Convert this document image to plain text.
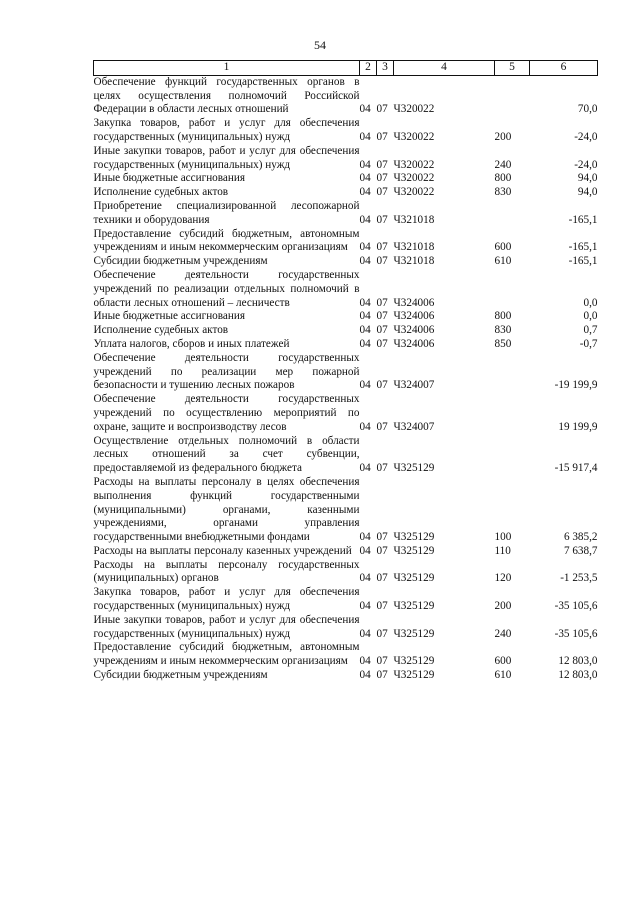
54
1	2	3	4	5	6
Обеспечение функций государственных органов в целях осуществления полномочий Российской Федерации в области лесных отношений	04	07	Ч320022		70,0
Закупка товаров, работ и услуг для обеспечения государственных (муниципальных) нужд	04	07	Ч320022	200	-24,0
Иные закупки товаров, работ и услуг для обеспечения государственных (муниципальных) нужд	04	07	Ч320022	240	-24,0
Иные бюджетные ассигнования	04	07	Ч320022	800	94,0
Исполнение судебных актов	04	07	Ч320022	830	94,0
Приобретение специализированной лесопожарной техники и оборудования	04	07	Ч321018		-165,1
Предоставление субсидий бюджетным, автономным учреждениям и иным некоммерческим организациям	04	07	Ч321018	600	-165,1
Субсидии бюджетным учреждениям	04	07	Ч321018	610	-165,1
Обеспечение деятельности государственных учреждений по реализации отдельных полномочий в области лесных отношений – лесничеств	04	07	Ч324006		0,0
Иные бюджетные ассигнования	04	07	Ч324006	800	0,0
Исполнение судебных актов	04	07	Ч324006	830	0,7
Уплата налогов, сборов и иных платежей	04	07	Ч324006	850	-0,7
Обеспечение деятельности государственных учреждений по реализации мер пожарной безопасности и тушению лесных пожаров	04	07	Ч324007		-19 199,9
Обеспечение деятельности государственных учреждений по осуществлению мероприятий по охране, защите и воспроизводству лесов	04	07	Ч324007		19 199,9
Осуществление отдельных полномочий в области лесных отношений за счет субвенции, предоставляемой из федерального бюджета	04	07	Ч325129		-15 917,4
Расходы на выплаты персоналу в целях обеспечения выполнения функций государственными (муниципальными) органами, казенными учреждениями, органами управления государственными внебюджетными фондами	04	07	Ч325129	100	6 385,2
Расходы на выплаты персоналу казенных учреждений	04	07	Ч325129	110	7 638,7
Расходы на выплаты персоналу государственных (муниципальных) органов	04	07	Ч325129	120	-1 253,5
Закупка товаров, работ и услуг для обеспечения государственных (муниципальных) нужд	04	07	Ч325129	200	-35 105,6
Иные закупки товаров, работ и услуг для обеспечения государственных (муниципальных) нужд	04	07	Ч325129	240	-35 105,6
Предоставление субсидий бюджетным, автономным учреждениям и иным некоммерческим организациям	04	07	Ч325129	600	12 803,0
Субсидии бюджетным учреждениям	04	07	Ч325129	610	12 803,0
